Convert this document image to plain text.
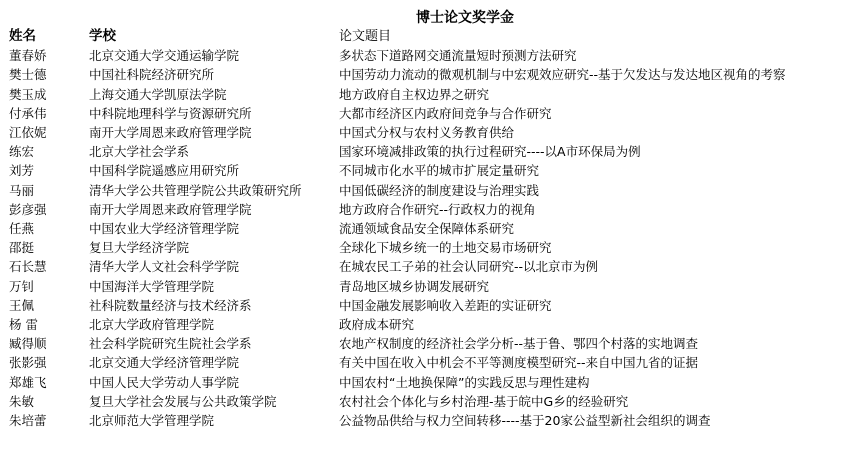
博士论文奖学金
姓名	学校	论文题目
董春娇	北京交通大学交通运输学院	多状态下道路网交通流量短时预测方法研究
樊士德	中国社科院经济研究所	中国劳动力流动的微观机制与中宏观效应研究--基于欠发达与发达地区视角的考察
樊玉成	上海交通大学凯原法学院	地方政府自主权边界之研究
付承伟	中科院地理科学与资源研究所	大都市经济区内政府间竞争与合作研究
江依妮	南开大学周恩来政府管理学院	中国式分权与农村义务教育供给
练宏	北京大学社会学系	国家环境减排政策的执行过程研究----以A市环保局为例
刘芳	中国科学院遥感应用研究所	不同城市化水平的城市扩展定量研究
马丽	清华大学公共管理学院公共政策研究所	中国低碳经济的制度建设与治理实践
彭彦强	南开大学周恩来政府管理学院	地方政府合作研究--行政权力的视角
任燕	中国农业大学经济管理学院	流通领域食品安全保障体系研究
邵挺	复旦大学经济学院	全球化下城乡统一的土地交易市场研究
石长慧	清华大学人文社会科学学院	在城农民工子弟的社会认同研究--以北京市为例
万钊	中国海洋大学管理学院	青岛地区城乡协调发展研究
王佩	社科院数量经济与技术经济系	中国金融发展影响收入差距的实证研究
杨 雷	北京大学政府管理学院	政府成本研究
臧得顺	社会科学院研究生院社会学系	农地产权制度的经济社会学分析--基于鲁、鄂四个村落的实地调查
张影强	北京交通大学经济管理学院	有关中国在收入中机会不平等测度模型研究--来自中国九省的证据
郑雄飞	中国人民大学劳动人事学院	中国农村“土地换保障”的实践反思与理性建构
朱敏	复旦大学社会发展与公共政策学院	农村社会个体化与乡村治理-基于皖中G乡的经验研究
朱培蕾	北京师范大学管理学院	公益物品供给与权力空间转移----基于20家公益型新社会组织的调查
